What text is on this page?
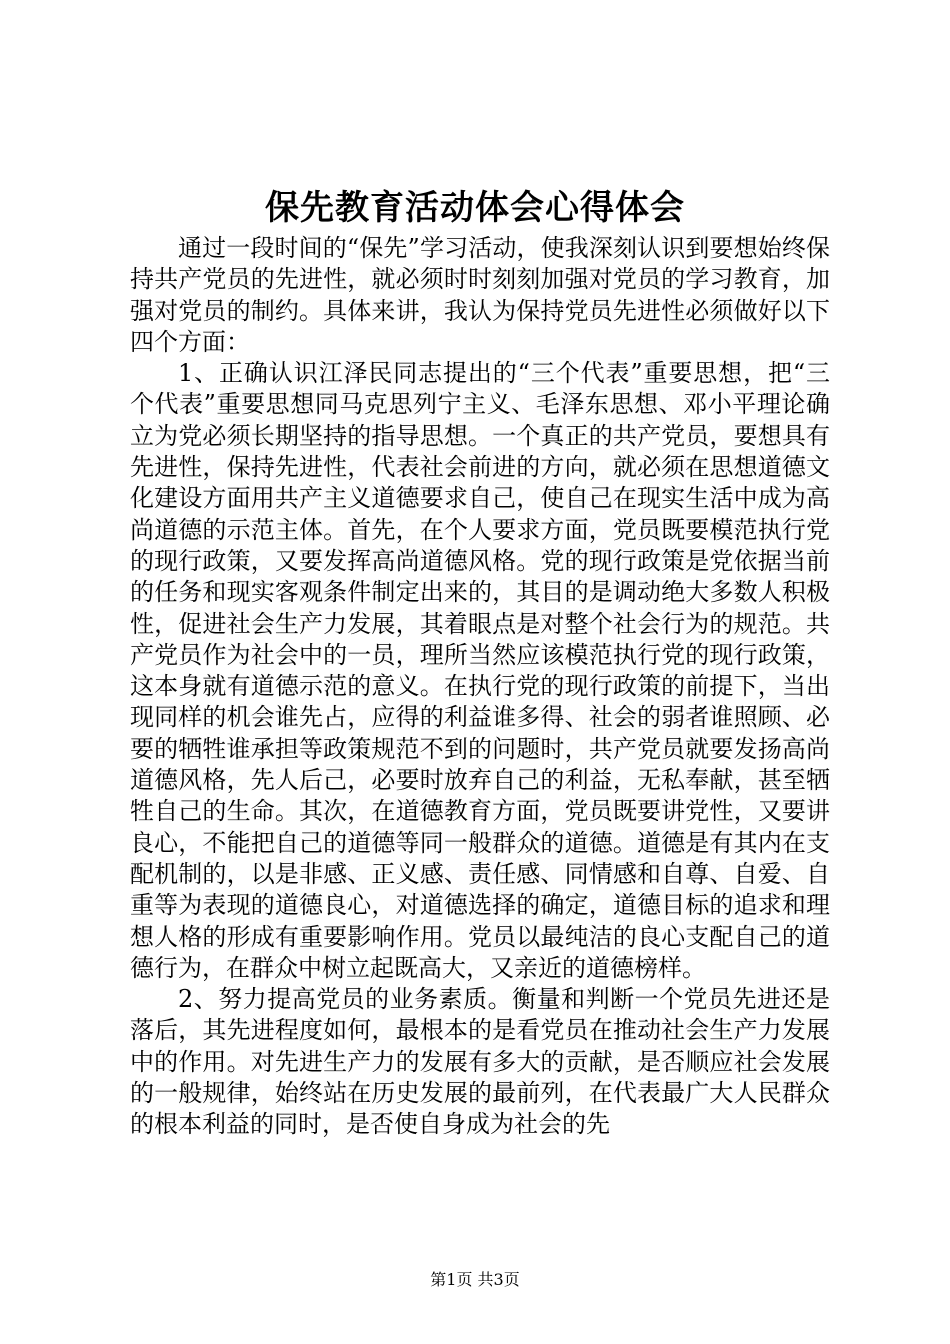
保先教育活动体会心得体会

通过一段时间的“保先”学习活动，使我深刻认识到要想始终保持共产党员的先进性，就必须时时刻刻加强对党员的学习教育，加强对党员的制约。具体来讲，我认为保持党员先进性必须做好以下四个方面：

1、正确认识江泽民同志提出的“三个代表”重要思想，把“三个代表”重要思想同马克思列宁主义、毛泽东思想、邓小平理论确立为党必须长期坚持的指导思想。一个真正的共产党员，要想具有先进性，保持先进性，代表社会前进的方向，就必须在思想道德文化建设方面用共产主义道德要求自己，使自己在现实生活中成为高尚道德的示范主体。首先，在个人要求方面，党员既要模范执行党的现行政策，又要发挥高尚道德风格。党的现行政策是党依据当前的任务和现实客观条件制定出来的，其目的是调动绝大多数人积极性，促进社会生产力发展，其着眼点是对整个社会行为的规范。共产党员作为社会中的一员，理所当然应该模范执行党的现行政策，这本身就有道德示范的意义。在执行党的现行政策的前提下，当出现同样的机会谁先占，应得的利益谁多得、社会的弱者谁照顾、必要的牺牲谁承担等政策规范不到的问题时，共产党员就要发扬高尚道德风格，先人后己，必要时放弃自己的利益，无私奉献，甚至牺牲自己的生命。其次，在道德教育方面，党员既要讲党性，又要讲良心，不能把自己的道德等同一般群众的道德。道德是有其内在支配机制的，以是非感、正义感、责任感、同情感和自尊、自爱、自重等为表现的道德良心，对道德选择的确定，道德目标的追求和理想人格的形成有重要影响作用。党员以最纯洁的良心支配自己的道德行为，在群众中树立起既高大，又亲近的道德榜样。

2、努力提高党员的业务素质。衡量和判断一个党员先进还是落后，其先进程度如何，最根本的是看党员在推动社会生产力发展中的作用。对先进生产力的发展有多大的贡献，是否顺应社会发展的一般规律，始终站在历史发展的最前列，在代表最广大人民群众的根本利益的同时，是否使自身成为社会的先

第1页 共3页
